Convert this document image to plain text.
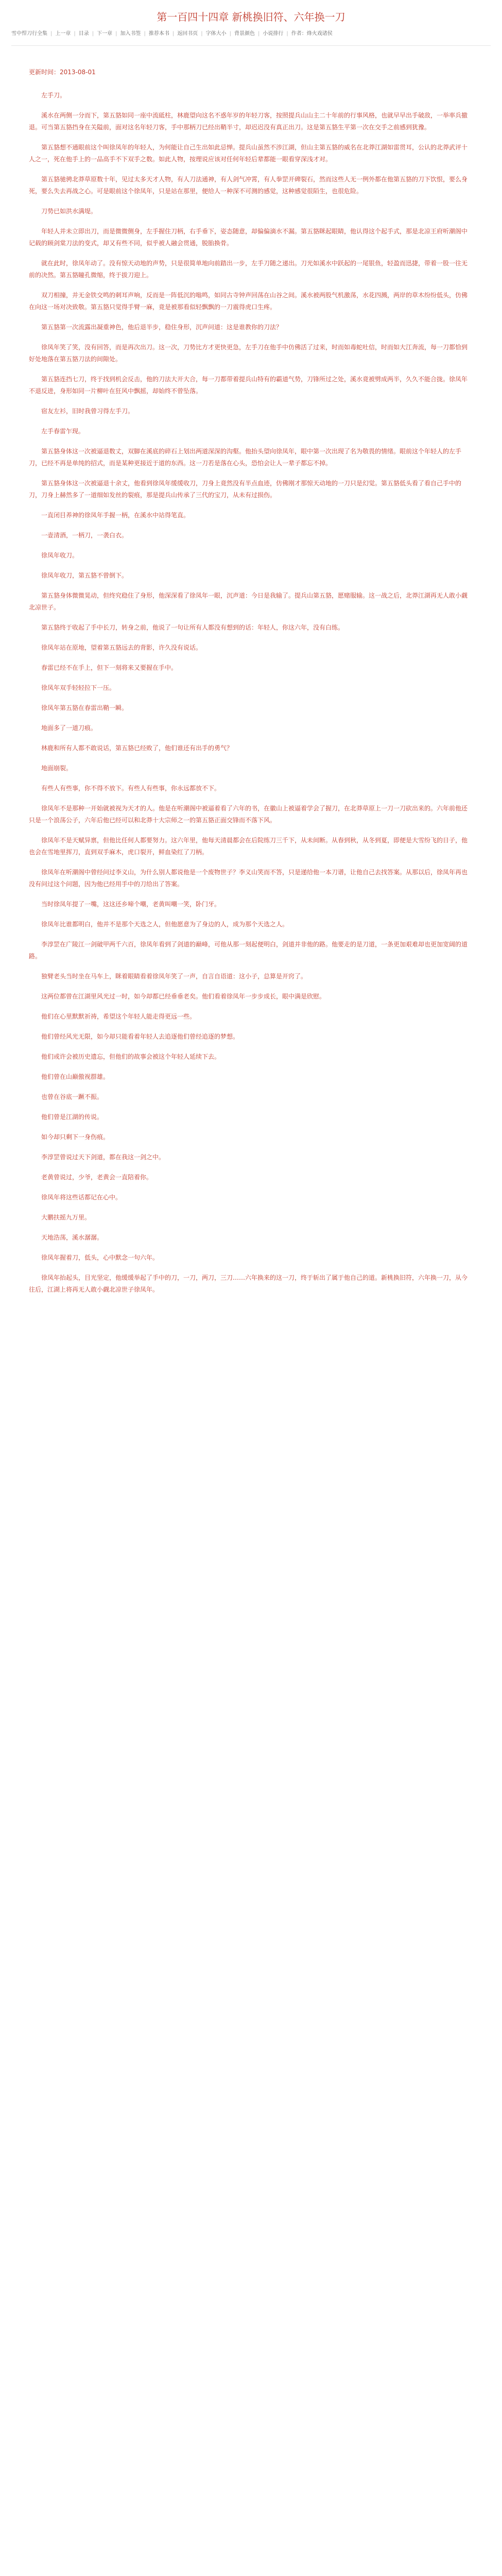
第一百四十四章 新桃换旧符、六年换一刀
雪中悍刀行全集 | 上一章 | 目录 | 下一章 | 加入书签 | 推荐本书 | 返回书页 | 字体大小 | 背景颜色 | 小说排行 | 作者：烽火戏诸侯
更新时间：2013-08-01

左手刀。

溪水在两侧一分而下，第五貉如同一座中流砥柱，林鹿望向这名不惑年岁的年轻刀客，按照提兵山山主二十年前的行事风格，也就早早出手破敌，一举率兵撤退。可当第五貉挡身在关隘前，面对这名年轻刀客，手中那柄刀已经出鞘半寸，却迟迟没有真正出刀。这是第五貉生平第一次在交手之前感到犹豫。

第五貉想不通眼前这个叫徐凤年的年轻人，为何能让自己生出如此忌惮。提兵山虽然不涉江湖，但山主第五貉的威名在北莽江湖如雷贯耳，公认的北莽武评十人之一，死在他手上的一品高手不下双手之数。如此人物，按理说应该对任何年轻后辈都能一眼看穿深浅才对。

第五貉驰骋北莽草原数十年，见过太多天才人物，有人刀法通神，有人剑气冲霄，有人拳罡开碑裂石，然而这些人无一例外都在他第五貉的刀下饮恨，要么身死，要么失去再战之心。可是眼前这个徐凤年，只是站在那里，便给人一种深不可测的感觉，这种感觉很陌生，也很危险。

刀势已如洪水满堤。

年轻人并未立即出刀，而是微微侧身，左手握住刀柄，右手垂下，姿态随意，却偏偏滴水不漏。第五貉眯起眼睛，他认得这个起手式，那是北凉王府听潮阁中记载的顾剑棠刀法的变式，却又有些不同，似乎被人融会贯通，脱胎换骨。

就在此时，徐凤年动了。没有惊天动地的声势，只是很简单地向前踏出一步，左手刀随之递出。刀光如溪水中跃起的一尾银鱼，轻盈而迅捷，带着一股一往无前的决然。第五貉瞳孔微缩，终于拔刀迎上。

双刀相撞，并无金铁交鸣的刺耳声响，反而是一阵低沉的嗡鸣，如同古寺钟声回荡在山谷之间。溪水被两股气机激荡，水花四溅，两岸的草木纷纷低头，仿佛在向这一场对决致敬。第五貉只觉得手臂一麻，竟是被那看似轻飘飘的一刀震得虎口生疼。

第五貉第一次流露出凝重神色，他后退半步，稳住身形，沉声问道：这是谁教你的刀法？

徐凤年笑了笑，没有回答，而是再次出刀。这一次，刀势比方才更快更急，左手刀在他手中仿佛活了过来，时而如毒蛇吐信，时而如大江奔流，每一刀都恰到好处地落在第五貉刀法的间隙处。

第五貉连挡七刀，终于找到机会反击，他的刀法大开大合，每一刀都带着提兵山特有的霸道气势，刀锋所过之处，溪水竟被劈成两半，久久不能合拢。徐凤年不退反进，身形如同一片柳叶在狂风中飘摇，却始终不曾坠落。

宿友左衫，旧时我曾习得左手刀。

左手春雷乍现。

第五貉身体这一次被逼退数丈，双脚在溪底的碎石上划出两道深深的沟壑。他抬头望向徐凤年，眼中第一次出现了名为敬畏的情绪。眼前这个年轻人的左手刀，已经不再是单纯的招式，而是某种更接近于道的东西。这一刀若是落在心头，恐怕会让人一辈子都忘不掉。

第五貉身体这一次被逼退十余丈，他看到徐凤年缓缓收刀，刀身上竟然没有半点血迹，仿佛刚才那惊天动地的一刀只是幻觉。第五貉低头看了看自己手中的刀，刀身上赫然多了一道细如发丝的裂痕，那是提兵山传承了三代的宝刀，从未有过损伤。

一直闭目养神的徐凤年手握一柄，在溪水中站得笔直。

一壶清酒，一柄刀，一袭白衣。

徐凤年收刀。

徐凤年收刀，第五貉不曾倒下。

第五貉身体微微晃动，但终究稳住了身形，他深深看了徐凤年一眼，沉声道：今日是我输了。提兵山第五貉，愿赌服输。这一战之后，北莽江湖再无人敢小觑北凉世子。

第五貉终于收起了手中长刀，转身之前，他说了一句让所有人都没有想到的话：年轻人，你这六年，没有白练。

徐凤年站在原地，望着第五貉远去的背影，许久没有说话。

春雷已经不在手上，但下一刻将来又要握在手中。

徐凤年双手轻轻拉下一压。

徐凤年第五貉在春雷出鞘一瞬。

地面多了一道刀痕。

林鹿和所有人都不敢说话，第五貉已经败了，他们谁还有出手的勇气？

地面崩裂。

有些人有些事，你不得不放下。有些人有些事，你永远都放不下。

徐凤年不是那种一开始就被视为天才的人。他是在听潮阁中被逼着看了六年的书，在徽山上被逼着学会了握刀，在北莽草原上一刀一刀砍出来的。六年前他还只是一个浪荡公子，六年后他已经可以和北莽十大宗师之一的第五貉正面交锋而不落下风。

徐凤年不是天赋异禀，但他比任何人都要努力。这六年里，他每天清晨都会在后院练刀三千下，从未间断。从春到秋，从冬到夏，即便是大雪纷飞的日子，他也会在雪地里挥刀，直到双手麻木，虎口裂开，鲜血染红了刀柄。

徐凤年在听潮阁中曾经问过李义山，为什么别人都说他是一个废物世子？李义山笑而不答，只是递给他一本刀谱，让他自己去找答案。从那以后，徐凤年再也没有问过这个问题，因为他已经用手中的刀给出了答案。

当时徐凤年提了一嘴，这这还乡啼个嘲，老黄叫嘲一笑，卧门牙。

徐凤年比谁都明白，他并不是那个天选之人，但他愿意为了身边的人，成为那个天选之人。

李淳罡在广陵江一剑破甲两千六百，徐凤年看到了剑道的巅峰，可他从那一刻起便明白，剑道并非他的路。他要走的是刀道，一条更加艰难却也更加宽阔的道路。

独臂老头当时坐在马车上，眯着眼睛看着徐凤年笑了一声，自言自语道：这小子，总算是开窍了。

这两位都曾在江湖里风光过一时，如今却都已经垂垂老矣。他们看着徐凤年一步步成长，眼中满是欣慰。

他们在心里默默祈祷，希望这个年轻人能走得更远一些。

他们曾经风光无限，如今却只能看着年轻人去追逐他们曾经追逐的梦想。

他们或许会被历史遗忘，但他们的故事会被这个年轻人延续下去。

他们曾在山巅傲视群雄。

也曾在谷底一蹶不振。

他们曾是江湖的传说。

如今却只剩下一身伤痕。

李淳罡曾说过天下剑道，都在我这一剑之中。

老黄曾说过，少爷，老黄会一直陪着你。

徐凤年将这些话都记在心中。

大鹏扶摇九万里。

天地浩荡，溪水潺潺。

徐凤年握着刀，低头，心中默念一句六年。

徐凤年抬起头，目光坚定，他缓缓举起了手中的刀，一刀，两刀，三刀……六年换来的这一刀，终于斩出了属于他自己的道。新桃换旧符，六年换一刀，从今往后，江湖上将再无人敢小觑北凉世子徐凤年。
